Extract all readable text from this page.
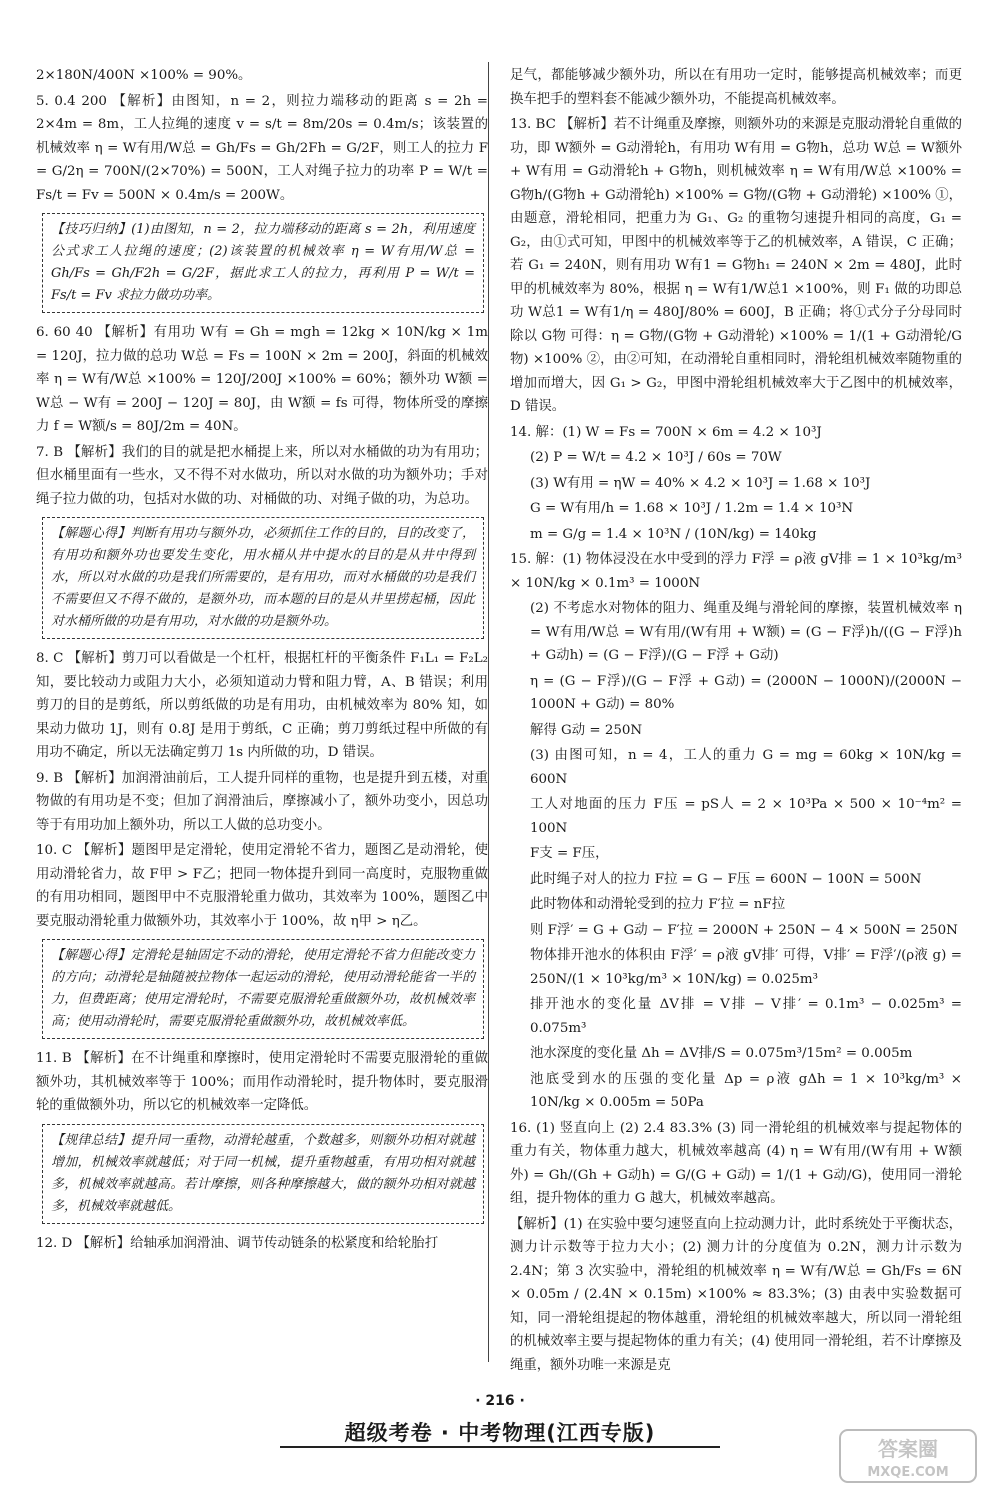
2×180N/400N ×100% = 90%。

5. 0.4 200 【解析】由图知，n = 2，则拉力端移动的距离 s = 2h = 2×4m = 8m，工人拉绳的速度 v = s/t = 8m/20s = 0.4m/s；该装置的机械效率 η = W有用/W总 = Gh/Fs = Gh/2Fh = G/2F，则工人的拉力 F = G/2η = 700N/(2×70%) = 500N，工人对绳子拉力的功率 P = W/t = Fs/t = Fv = 500N × 0.4m/s = 200W。

【技巧归纳】(1)由图知，n = 2，拉力端移动的距离 s = 2h，利用速度公式求工人拉绳的速度；(2)该装置的机械效率 η = W有用/W总 = Gh/Fs = Gh/F2h = G/2F，据此求工人的拉力，再利用 P = W/t = Fs/t = Fv 求拉力做功功率。

6. 60 40 【解析】有用功 W有 = Gh = mgh = 12kg × 10N/kg × 1m = 120J，拉力做的总功 W总 = Fs = 100N × 2m = 200J，斜面的机械效率 η = W有/W总 ×100% = 120J/200J ×100% = 60%；额外功 W额 = W总 − W有 = 200J − 120J = 80J，由 W额 = fs 可得，物体所受的摩擦力 f = W额/s = 80J/2m = 40N。

7. B 【解析】我们的目的就是把水桶提上来，所以对水桶做的功为有用功；但水桶里面有一些水，又不得不对水做功，所以对水做的功为额外功；手对绳子拉力做的功，包括对水做的功、对桶做的功、对绳子做的功，为总功。

【解题心得】判断有用功与额外功，必须抓住工作的目的，目的改变了，有用功和额外功也要发生变化，用水桶从井中提水的目的是从井中得到水，所以对水做的功是我们所需要的，是有用功，而对水桶做的功是我们不需要但又不得不做的，是额外功，而本题的目的是从井里捞起桶，因此对水桶所做的功是有用功，对水做的功是额外功。

8. C 【解析】剪刀可以看做是一个杠杆，根据杠杆的平衡条件 F₁L₁ = F₂L₂ 知，要比较动力或阻力大小，必须知道动力臂和阻力臂，A、B 错误；利用剪刀的目的是剪纸，所以剪纸做的功是有用功，由机械效率为 80% 知，如果动力做功 1J，则有 0.8J 是用于剪纸，C 正确；剪刀剪纸过程中所做的有用功不确定，所以无法确定剪刀 1s 内所做的功，D 错误。

9. B 【解析】加润滑油前后，工人提升同样的重物，也是提升到五楼，对重物做的有用功是不变；但加了润滑油后，摩擦减小了，额外功变小，因总功等于有用功加上额外功，所以工人做的总功变小。

10. C 【解析】题图甲是定滑轮，使用定滑轮不省力，题图乙是动滑轮，使用动滑轮省力，故 F甲 > F乙；把同一物体提升到同一高度时，克服物重做的有用功相同，题图甲中不克服滑轮重力做功，其效率为 100%，题图乙中要克服动滑轮重力做额外功，其效率小于 100%，故 η甲 > η乙。

【解题心得】定滑轮是轴固定不动的滑轮，使用定滑轮不省力但能改变力的方向；动滑轮是轴随被拉物体一起运动的滑轮，使用动滑轮能省一半的力，但费距离；使用定滑轮时，不需要克服滑轮重做额外功，故机械效率高；使用动滑轮时，需要克服滑轮重做额外功，故机械效率低。

11. B 【解析】在不计绳重和摩擦时，使用定滑轮时不需要克服滑轮的重做额外功，其机械效率等于 100%；而用作动滑轮时，提升物体时，要克服滑轮的重做额外功，所以它的机械效率一定降低。

【规律总结】提升同一重物，动滑轮越重，个数越多，则额外功相对就越增加，机械效率就越低；对于同一机械，提升重物越重，有用功相对就越多，机械效率就越高。若计摩擦，则各种摩擦越大，做的额外功相对就越多，机械效率就越低。

12. D 【解析】给轴承加润滑油、调节传动链条的松紧度和给轮胎打

足气，都能够减少额外功，所以在有用功一定时，能够提高机械效率；而更换车把手的塑料套不能减少额外功，不能提高机械效率。

13. BC 【解析】若不计绳重及摩擦，则额外功的来源是克服动滑轮自重做的功，即 W额外 = G动滑轮h，有用功 W有用 = G物h，总功 W总 = W额外 + W有用 = G动滑轮h + G物h，则机械效率 η = W有用/W总 ×100% = G物h/(G物h + G动滑轮h) ×100% = G物/(G物 + G动滑轮) ×100% ①，由题意，滑轮相同，把重力为 G₁、G₂ 的重物匀速提升相同的高度，G₁ = G₂，由①式可知，甲图中的机械效率等于乙的机械效率，A 错误，C 正确；若 G₁ = 240N，则有用功 W有1 = G物h₁ = 240N × 2m = 480J，此时甲的机械效率为 80%，根据 η = W有1/W总1 ×100%，则 F₁ 做的功即总功 W总1 = W有1/η = 480J/80% = 600J，B 正确；将①式分子分母同时除以 G物 可得：η = G物/(G物 + G动滑轮) ×100% = 1/(1 + G动滑轮/G物) ×100% ②，由②可知，在动滑轮自重相同时，滑轮组机械效率随物重的增加而增大，因 G₁ > G₂，甲图中滑轮组机械效率大于乙图中的机械效率，D 错误。

14. 解：(1) W = Fs = 700N × 6m = 4.2 × 10³J

(2) P = W/t = 4.2 × 10³J / 60s = 70W

(3) W有用 = ηW = 40% × 4.2 × 10³J = 1.68 × 10³J

G = W有用/h = 1.68 × 10³J / 1.2m = 1.4 × 10³N

m = G/g = 1.4 × 10³N / (10N/kg) = 140kg

15. 解：(1) 物体浸没在水中受到的浮力 F浮 = ρ液 gV排 = 1 × 10³kg/m³ × 10N/kg × 0.1m³ = 1000N

(2) 不考虑水对物体的阻力、绳重及绳与滑轮间的摩擦，装置机械效率 η = W有用/W总 = W有用/(W有用 + W额) = (G − F浮)h/((G − F浮)h + G动h) = (G − F浮)/(G − F浮 + G动)

η = (G − F浮)/(G − F浮 + G动) = (2000N − 1000N)/(2000N − 1000N + G动) = 80%

解得 G动 = 250N

(3) 由图可知，n = 4，工人的重力 G = mg = 60kg × 10N/kg = 600N

工人对地面的压力 F压 = pS人 = 2 × 10³Pa × 500 × 10⁻⁴m² = 100N

F支 = F压，

此时绳子对人的拉力 F拉 = G − F压 = 600N − 100N = 500N

此时物体和动滑轮受到的拉力 F′拉 = nF拉

则 F浮′ = G + G动 − F′拉 = 2000N + 250N − 4 × 500N = 250N

物体排开池水的体积由 F浮′ = ρ液 gV排′ 可得，V排′ = F浮′/(ρ液 g) = 250N/(1 × 10³kg/m³ × 10N/kg) = 0.025m³

排开池水的变化量 ΔV排 = V排 − V排′ = 0.1m³ − 0.025m³ = 0.075m³

池水深度的变化量 Δh = ΔV排/S = 0.075m³/15m² = 0.005m

池底受到水的压强的变化量 Δp = ρ液 gΔh = 1 × 10³kg/m³ × 10N/kg × 0.005m = 50Pa

16. (1) 竖直向上 (2) 2.4 83.3% (3) 同一滑轮组的机械效率与提起物体的重力有关，物体重力越大，机械效率越高 (4) η = W有用/(W有用 + W额外) = Gh/(Gh + G动h) = G/(G + G动) = 1/(1 + G动/G)，使用同一滑轮组，提升物体的重力 G 越大，机械效率越高。

【解析】(1) 在实验中要匀速竖直向上拉动测力计，此时系统处于平衡状态，测力计示数等于拉力大小；(2) 测力计的分度值为 0.2N，测力计示数为 2.4N；第 3 次实验中，滑轮组的机械效率 η = W有/W总 = Gh/Fs = 6N × 0.05m / (2.4N × 0.15m) ×100% ≈ 83.3%；(3) 由表中实验数据可知，同一滑轮组提起的物体越重，滑轮组的机械效率越大，所以同一滑轮组的机械效率主要与提起物体的重力有关；(4) 使用同一滑轮组，若不计摩擦及绳重，额外功唯一来源是克

· 216 ·
超级考卷 · 中考物理(江西专版)
答案圈
MXQE.COM
